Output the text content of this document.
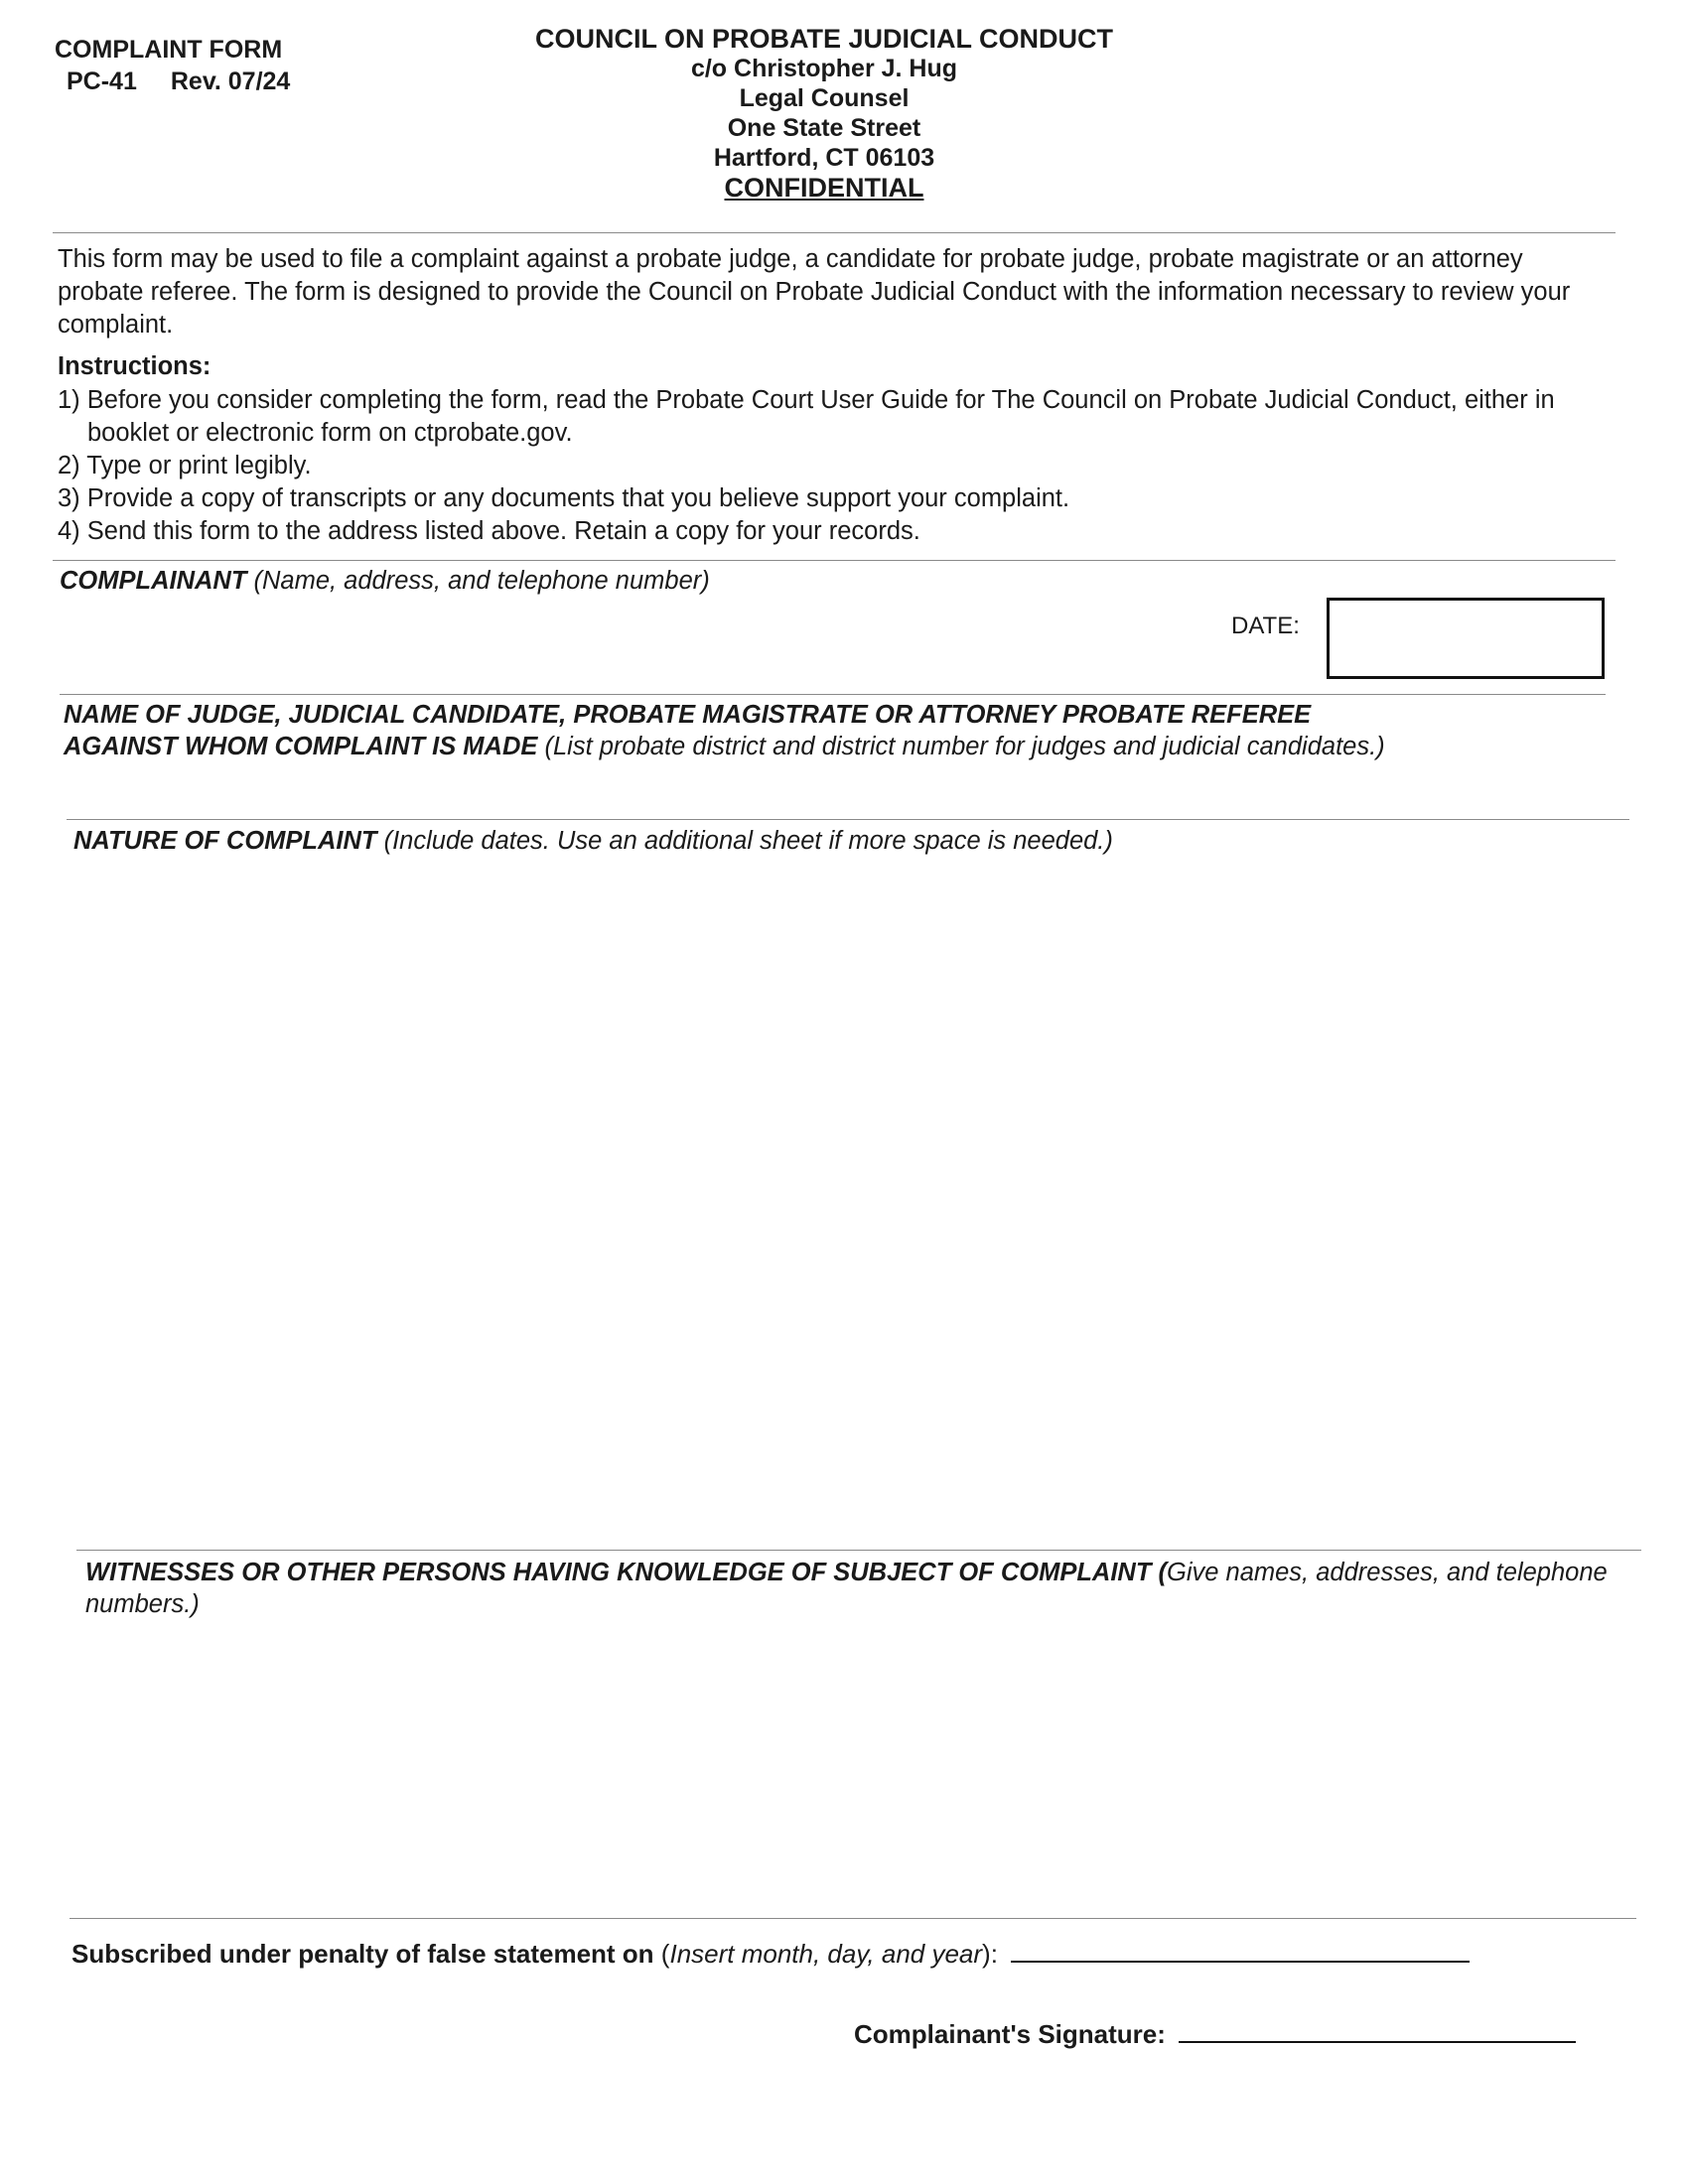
COMPLAINT FORM
PC-41 Rev. 07/24
COUNCIL ON PROBATE JUDICIAL CONDUCT
c/o Christopher J. Hug
Legal Counsel
One State Street
Hartford, CT 06103
CONFIDENTIAL
This form may be used to file a complaint against a probate judge, a candidate for probate judge, probate magistrate or an attorney probate referee. The form is designed to provide the Council on Probate Judicial Conduct with the information necessary to review your complaint.
Instructions:
1) Before you consider completing the form, read the Probate Court User Guide for The Council on Probate Judicial Conduct, either in booklet or electronic form on ctprobate.gov.
2) Type or print legibly.
3) Provide a copy of transcripts or any documents that you believe support your complaint.
4) Send this form to the address listed above. Retain a copy for your records.
COMPLAINANT (Name, address, and telephone number)
DATE:
NAME OF JUDGE, JUDICIAL CANDIDATE, PROBATE MAGISTRATE OR ATTORNEY PROBATE REFEREE
AGAINST WHOM COMPLAINT IS MADE (List probate district and district number for judges and judicial candidates.)
NATURE OF COMPLAINT (Include dates. Use an additional sheet if more space is needed.)
WITNESSES OR OTHER PERSONS HAVING KNOWLEDGE OF SUBJECT OF COMPLAINT (Give names, addresses, and telephone numbers.)
Subscribed under penalty of false statement on (Insert month, day, and year):
Complainant's Signature:
